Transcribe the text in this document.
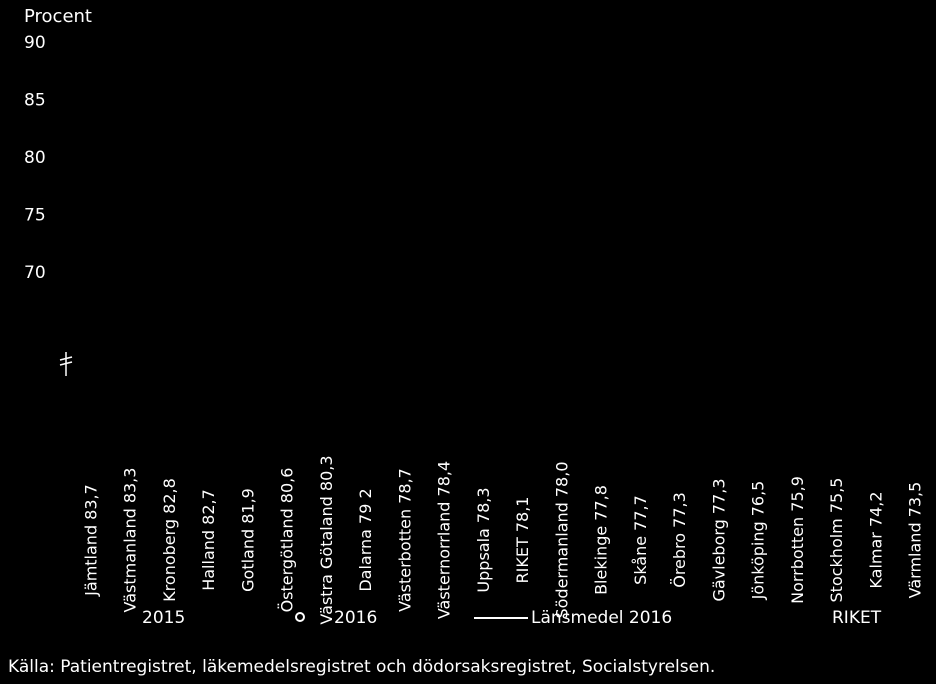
Procent
90
85
80
75
70
Jämtland 83,7 Västmanland 83,3 Kronoberg 82,8 Halland 82,7 Gotland 81,9 Östergötland 80,6 Västra Götaland 80,3 Dalarna 79 2 Västerbotten 78,7 Västernorrland 78,4 Uppsala 78,3 RIKET 78,1 Södermanland 78,0 Blekinge 77,8 Skåne 77,7 Örebro 77,3 Gävleborg 77,3 Jönköping 76,5 Norrbotten 75,9 Stockholm 75,5 Kalmar 74,2 Värmland 73,5
2015	2016	Länsmedel 2016	RIKET
Källa: Patientregistret, läkemedelsregistret och dödorsaksregistret, Socialstyrelsen.
